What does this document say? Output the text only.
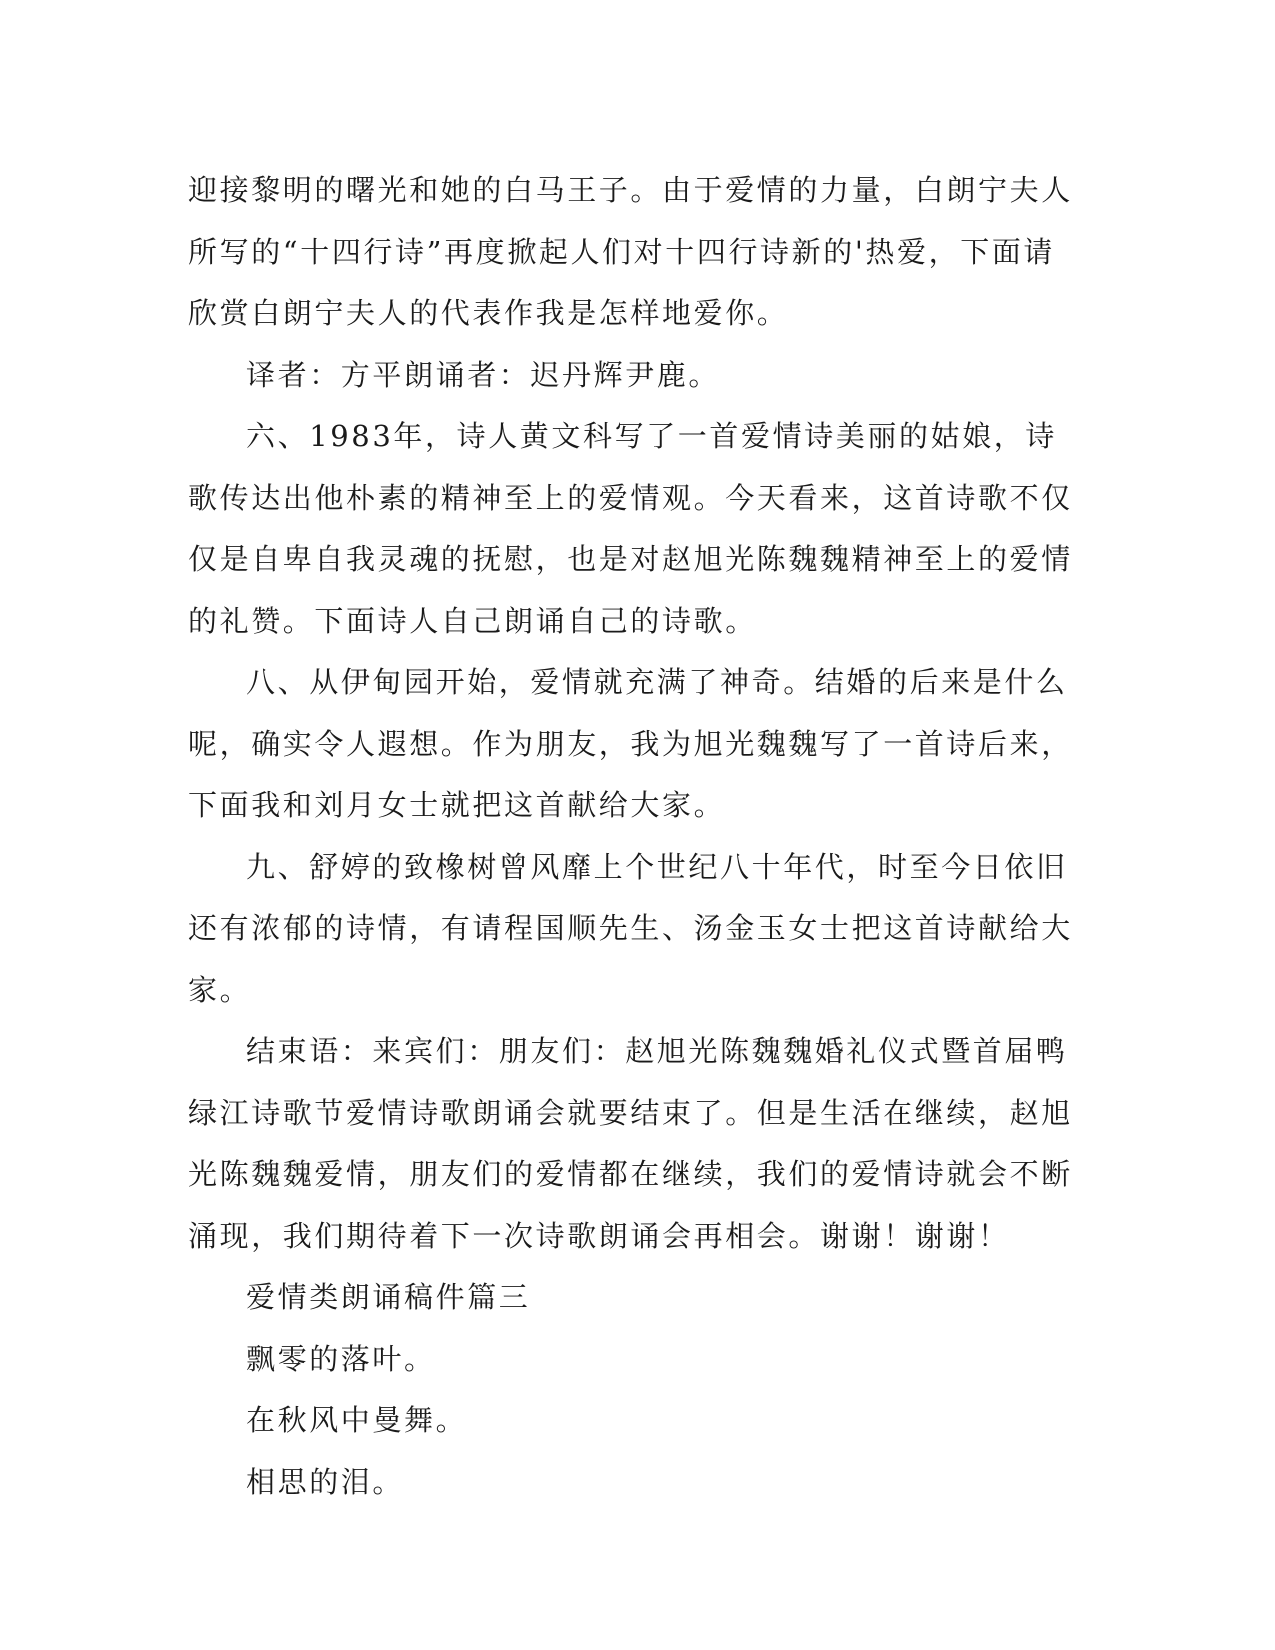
迎接黎明的曙光和她的白马王子。由于爱情的力量，白朗宁夫人所写的“十四行诗”再度掀起人们对十四行诗新的'热爱，下面请欣赏白朗宁夫人的代表作我是怎样地爱你。

译者：方平朗诵者：迟丹辉尹鹿。

六、1983年，诗人黄文科写了一首爱情诗美丽的姑娘，诗歌传达出他朴素的精神至上的爱情观。今天看来，这首诗歌不仅仅是自卑自我灵魂的抚慰，也是对赵旭光陈魏魏精神至上的爱情的礼赞。下面诗人自己朗诵自己的诗歌。

八、从伊甸园开始，爱情就充满了神奇。结婚的后来是什么呢，确实令人遐想。作为朋友，我为旭光魏魏写了一首诗后来，下面我和刘月女士就把这首献给大家。

九、舒婷的致橡树曾风靡上个世纪八十年代，时至今日依旧还有浓郁的诗情，有请程国顺先生、汤金玉女士把这首诗献给大家。

结束语：来宾们：朋友们：赵旭光陈魏魏婚礼仪式暨首届鸭绿江诗歌节爱情诗歌朗诵会就要结束了。但是生活在继续，赵旭光陈魏魏爱情，朋友们的爱情都在继续，我们的爱情诗就会不断涌现，我们期待着下一次诗歌朗诵会再相会。谢谢！谢谢！

爱情类朗诵稿件篇三

飘零的落叶。

在秋风中曼舞。

相思的泪。
